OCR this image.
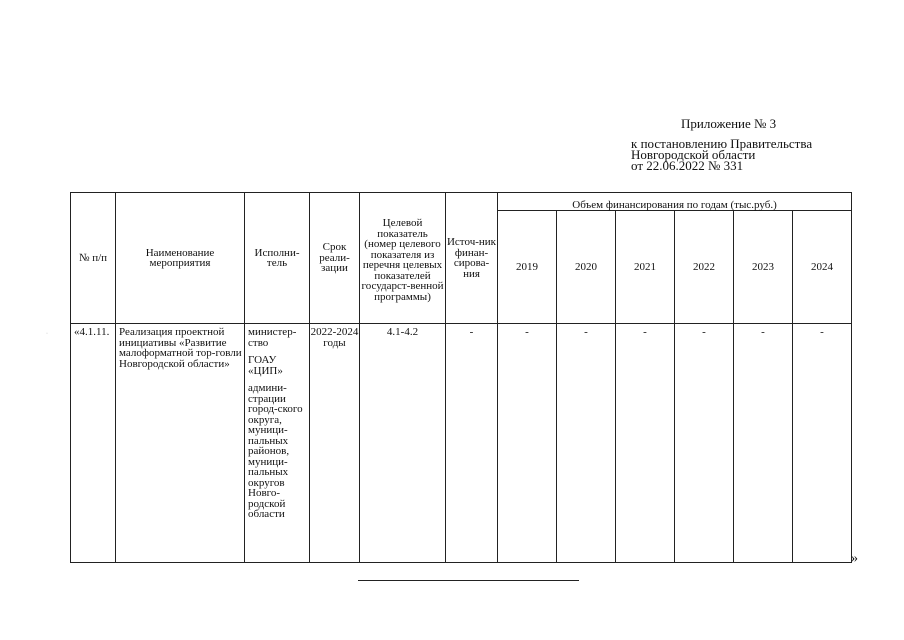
Приложение № 3
к постановлению Правительства
Новгородской области
от 22.06.2022 № 331
·
№ п/п	Наименование мероприятия	Исполни-тель	Срок реали-зации	Целевой показатель (номер целевого показателя из перечня целевых показателей государст-венной программы)	Источ-ник финан-сирова-ния	Объем финансирования по годам (тыс.руб.)					
						2019	2020	2021	2022	2023	2024
«4.1.11.	Реализация проектной инициативы «Развитие малоформатной тор-говли Новгородской области»	министер-ство
ГОАУ «ЦИП»
админи-страции город-ского округа, муници-пальных районов, муници-пальных округов Новго-родской области	2022-2024 годы	4.1-4.2	-	-	-	-	-	-	-
»
